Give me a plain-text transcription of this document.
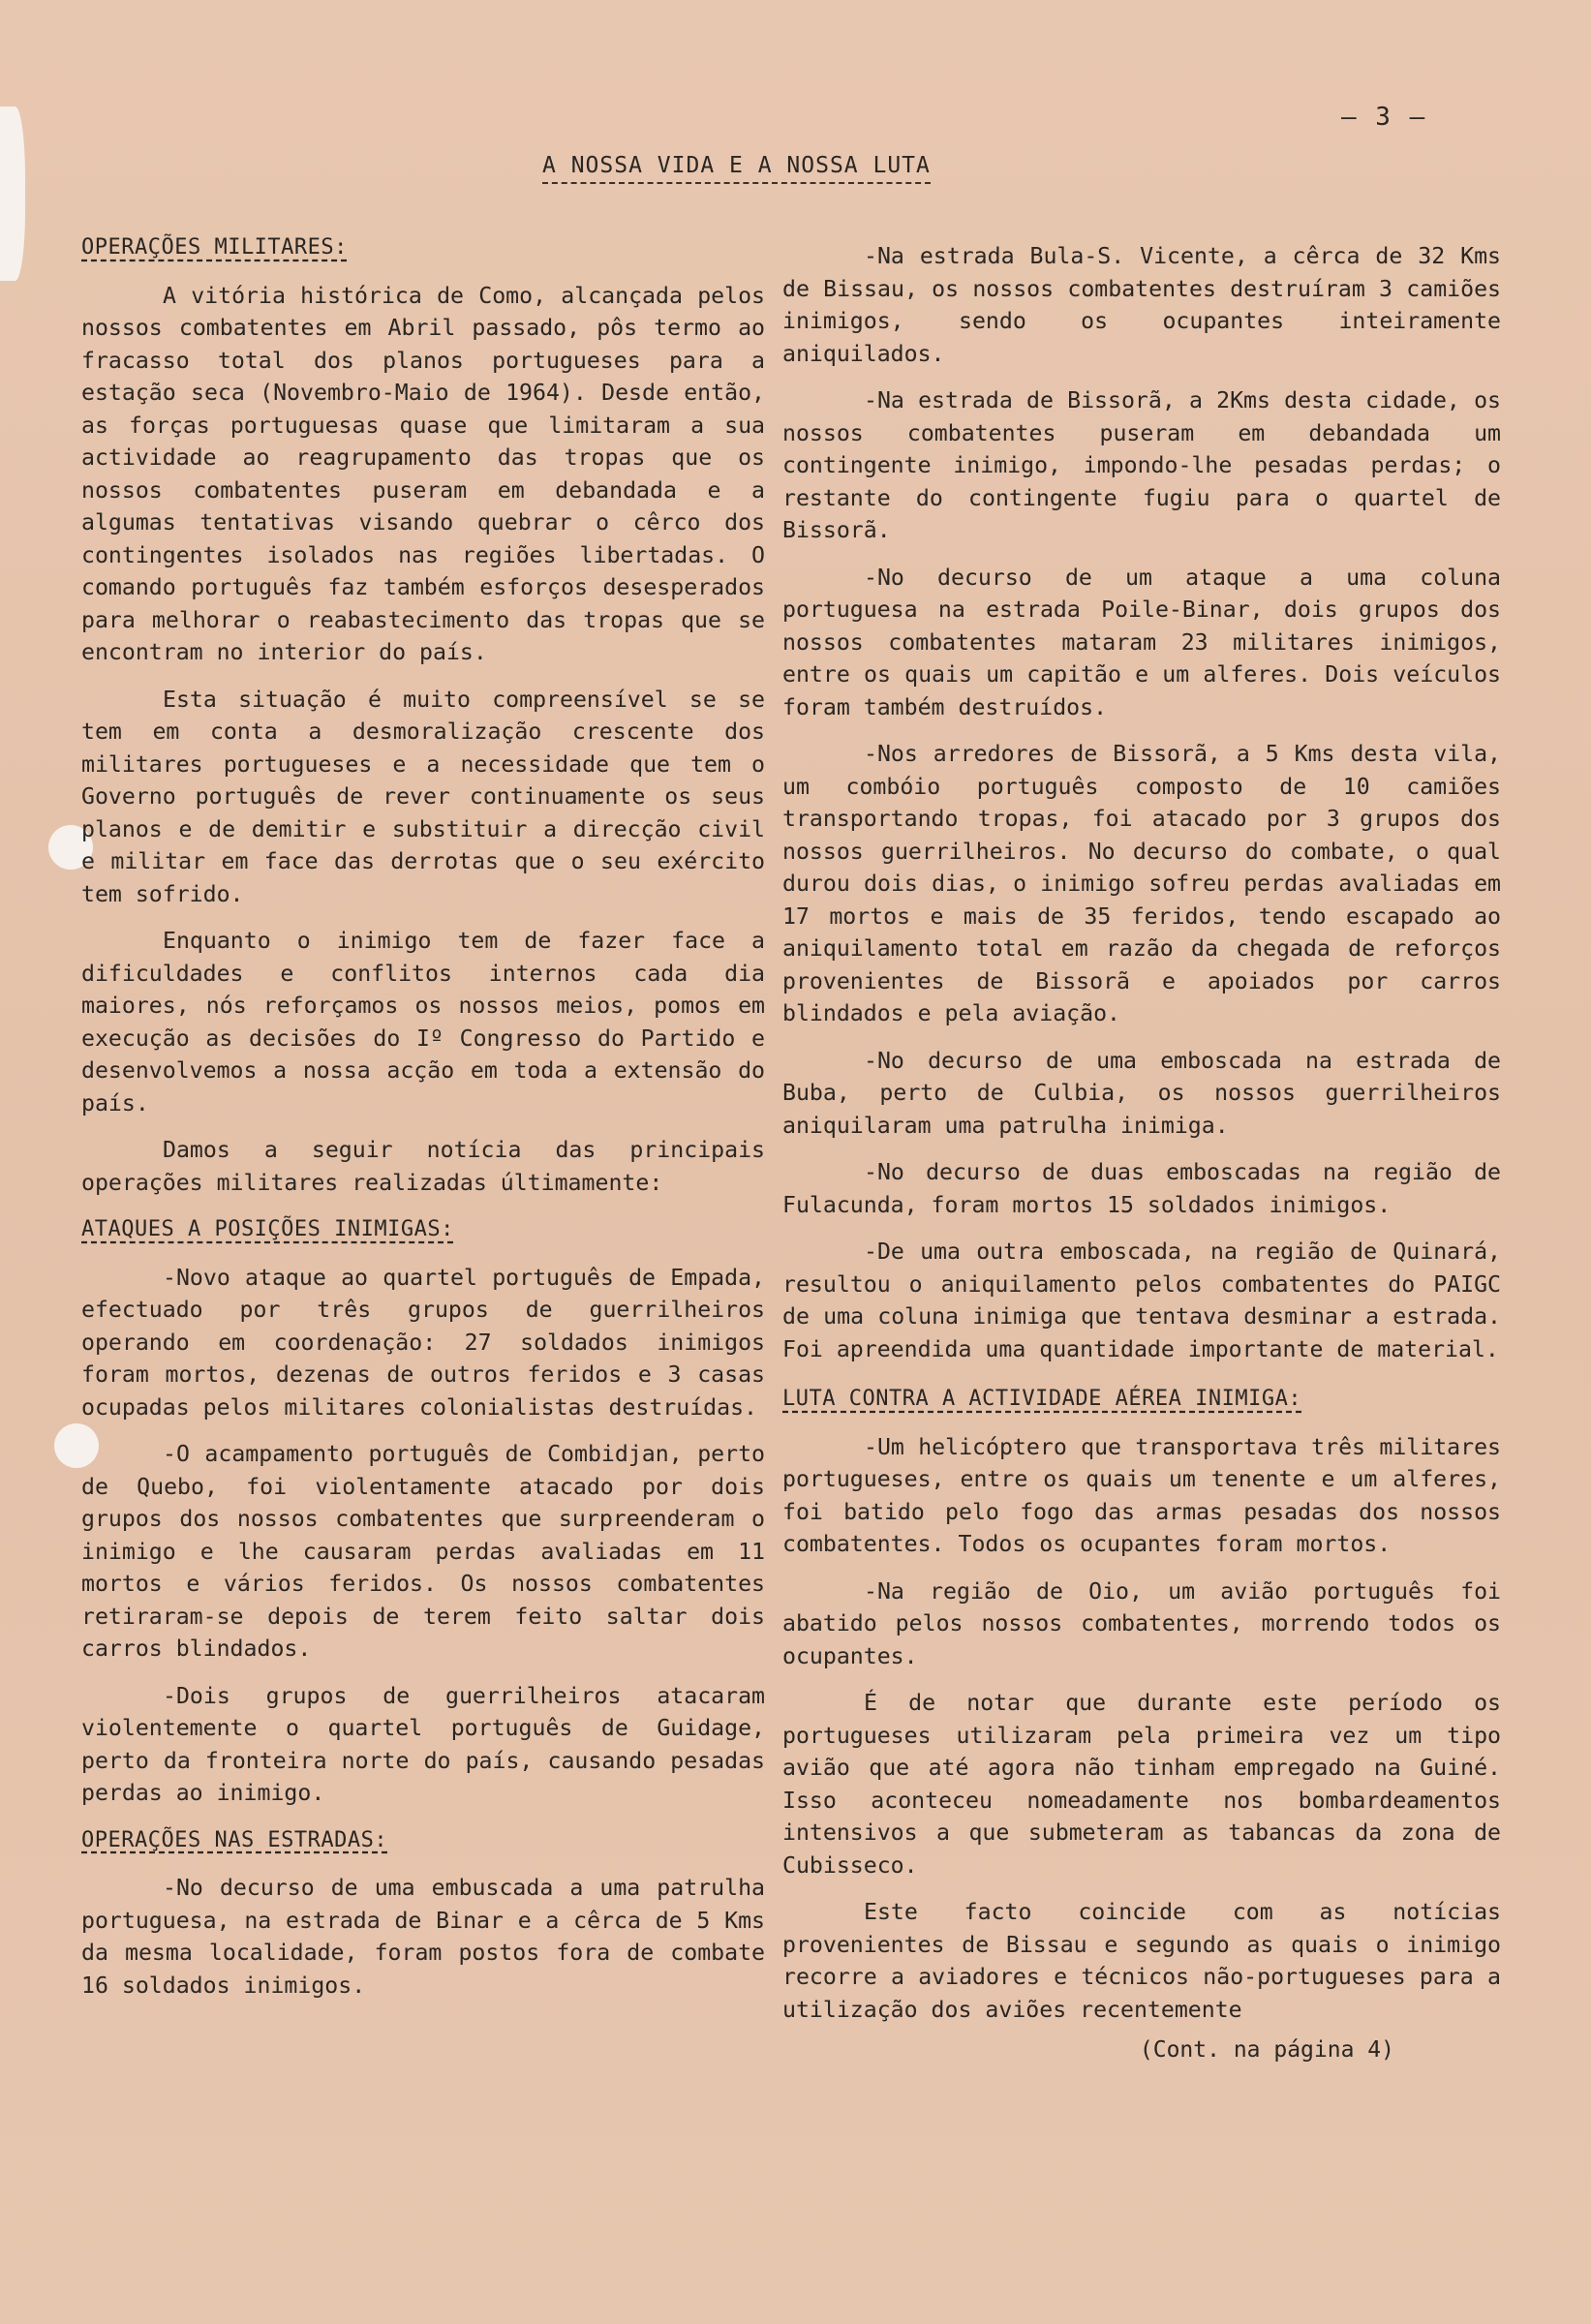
– 3 –
A NOSSA VIDA E A NOSSA LUTA
OPERAÇÕES MILITARES:

A vitória histórica de Como, alcançada pelos nossos combatentes em Abril passado, pôs termo ao fracasso total dos planos portugueses para a estação seca (Novembro-Maio de 1964). Desde então, as forças portuguesas quase que limitaram a sua actividade ao reagrupamento das tropas que os nossos combatentes puseram em debandada e a algumas tentativas visando quebrar o cêrco dos contingentes isolados nas regiões libertadas. O comando português faz também esforços desesperados para melhorar o reabastecimento das tropas que se encontram no interior do país.

Esta situação é muito compreensível se se tem em conta a desmoralização crescente dos militares portugueses e a necessidade que tem o Governo português de rever continuamente os seus planos e de demitir e substituir a direcção civil e militar em face das derrotas que o seu exército tem sofrido.

Enquanto o inimigo tem de fazer face a dificuldades e conflitos internos cada dia maiores, nós reforçamos os nossos meios, pomos em execução as decisões do Iº Congresso do Partido e desenvolvemos a nossa acção em toda a extensão do país.

Damos a seguir notícia das principais operações militares realizadas últimamente:

ATAQUES A POSIÇÕES INIMIGAS:

-Novo ataque ao quartel português de Empada, efectuado por três grupos de guerrilheiros operando em coordenação: 27 soldados inimigos foram mortos, dezenas de outros feridos e 3 casas ocupadas pelos militares colonialistas destruídas.

-O acampamento português de Combidjan, perto de Quebo, foi violentamente atacado por dois grupos dos nossos combatentes que surpreenderam o inimigo e lhe causaram perdas avaliadas em 11 mortos e vários feridos. Os nossos combatentes retiraram-se depois de terem feito saltar dois carros blindados.

-Dois grupos de guerrilheiros atacaram violentemente o quartel português de Guidage, perto da fronteira norte do país, causando pesadas perdas ao inimigo.

OPERAÇÕES NAS ESTRADAS:

-No decurso de uma embuscada a uma patrulha portuguesa, na estrada de Binar e a cêrca de 5 Kms da mesma localidade, foram postos fora de combate 16 soldados inimigos.

-Na estrada Bula-S. Vicente, a cêrca de 32 Kms de Bissau, os nossos combatentes destruíram 3 camiões inimigos, sendo os ocupantes inteiramente aniquilados.

-Na estrada de Bissorã, a 2Kms desta cidade, os nossos combatentes puseram em debandada um contingente inimigo, impondo-lhe pesadas perdas; o restante do contingente fugiu para o quartel de Bissorã.

-No decurso de um ataque a uma coluna portuguesa na estrada Poile-Binar, dois grupos dos nossos combatentes mataram 23 militares inimigos, entre os quais um capitão e um alferes. Dois veículos foram também destruídos.

-Nos arredores de Bissorã, a 5 Kms desta vila, um combóio português composto de 10 camiões transportando tropas, foi atacado por 3 grupos dos nossos guerrilheiros. No decurso do combate, o qual durou dois dias, o inimigo sofreu perdas avaliadas em 17 mortos e mais de 35 feridos, tendo escapado ao aniquilamento total em razão da chegada de reforços provenientes de Bissorã e apoiados por carros blindados e pela aviação.

-No decurso de uma emboscada na estrada de Buba, perto de Culbia, os nossos guerrilheiros aniquilaram uma patrulha inimiga.

-No decurso de duas emboscadas na região de Fulacunda, foram mortos 15 soldados inimigos.

-De uma outra emboscada, na região de Quinará, resultou o aniquilamento pelos combatentes do PAIGC de uma coluna inimiga que tentava desminar a estrada. Foi apreendida uma quantidade importante de material.

LUTA CONTRA A ACTIVIDADE AÉREA INIMIGA:

-Um helicóptero que transportava três militares portugueses, entre os quais um tenente e um alferes, foi batido pelo fogo das armas pesadas dos nossos combatentes. Todos os ocupantes foram mortos.

-Na região de Oio, um avião português foi abatido pelos nossos combatentes, morrendo todos os ocupantes.

É de notar que durante este período os portugueses utilizaram pela primeira vez um tipo avião que até agora não tinham empregado na Guiné. Isso aconteceu nomeadamente nos bombardeamentos intensivos a que submeteram as tabancas da zona de Cubisseco.

Este facto coincide com as notícias provenientes de Bissau e segundo as quais o inimigo recorre a aviadores e técnicos não-portugueses para a utilização dos aviões recentemente

(Cont. na página 4)
